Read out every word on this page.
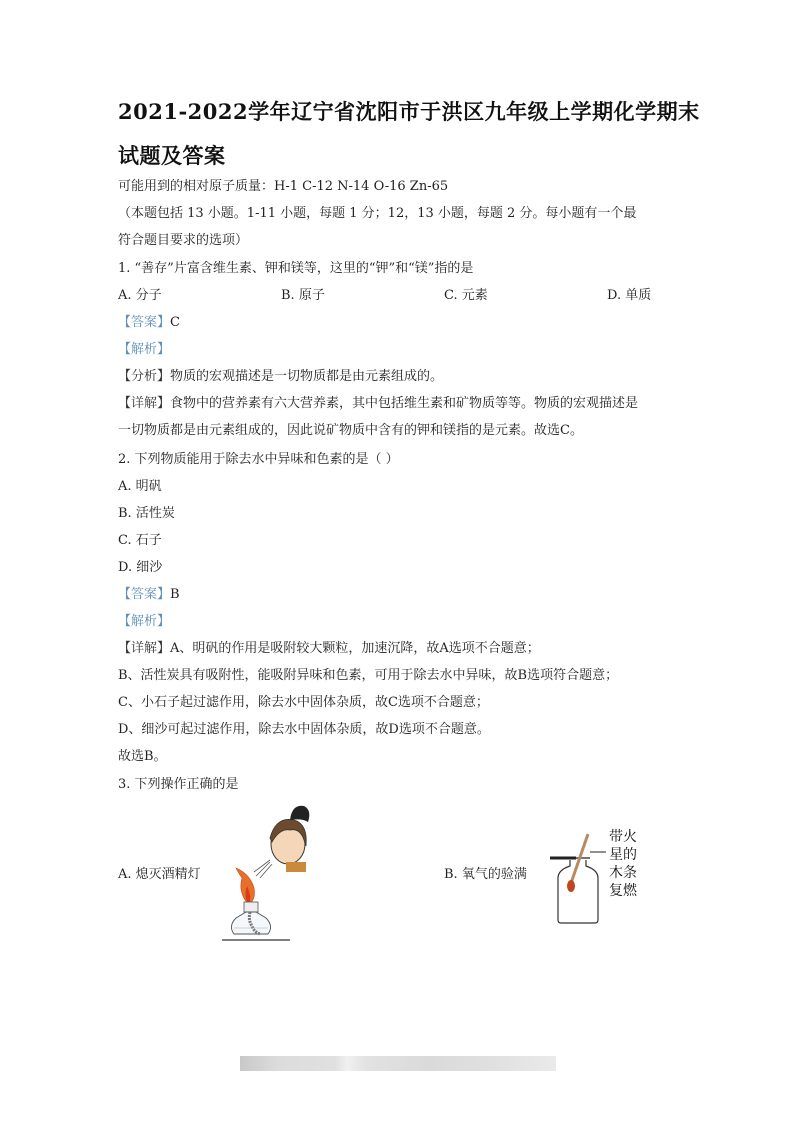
2021-2022学年辽宁省沈阳市于洪区九年级上学期化学期末
试题及答案
可能用到的相对原子质量：H-1 C-12 N-14 O-16 Zn-65
（本题包括 13 小题。1-11 小题，每题 1 分；12，13 小题，每题 2 分。每小题有一个最
符合题目要求的选项）
1. “善存”片富含维生素、钾和镁等，这里的“钾”和“镁”指的是
A. 分子	B. 原子	C. 元素	D. 单质
【答案】C
【解析】
【分析】物质的宏观描述是一切物质都是由元素组成的。
【详解】食物中的营养素有六大营养素，其中包括维生素和矿物质等等。物质的宏观描述是
一切物质都是由元素组成的，因此说矿物质中含有的钾和镁指的是元素。故选C。
2. 下列物质能用于除去水中异味和色素的是（ ）
A. 明矾
B. 活性炭
C. 石子
D. 细沙
【答案】B
【解析】
【详解】A、明矾的作用是吸附较大颗粒，加速沉降，故A选项不合题意；
B、活性炭具有吸附性，能吸附异味和色素，可用于除去水中异味，故B选项符合题意；
C、小石子起过滤作用，除去水中固体杂质，故C选项不合题意；
D、细沙可起过滤作用，除去水中固体杂质，故D选项不合题意。
故选B。
3. 下列操作正确的是
A. 熄灭酒精灯	B. 氧气的验满
带火
星的
木条
复燃
